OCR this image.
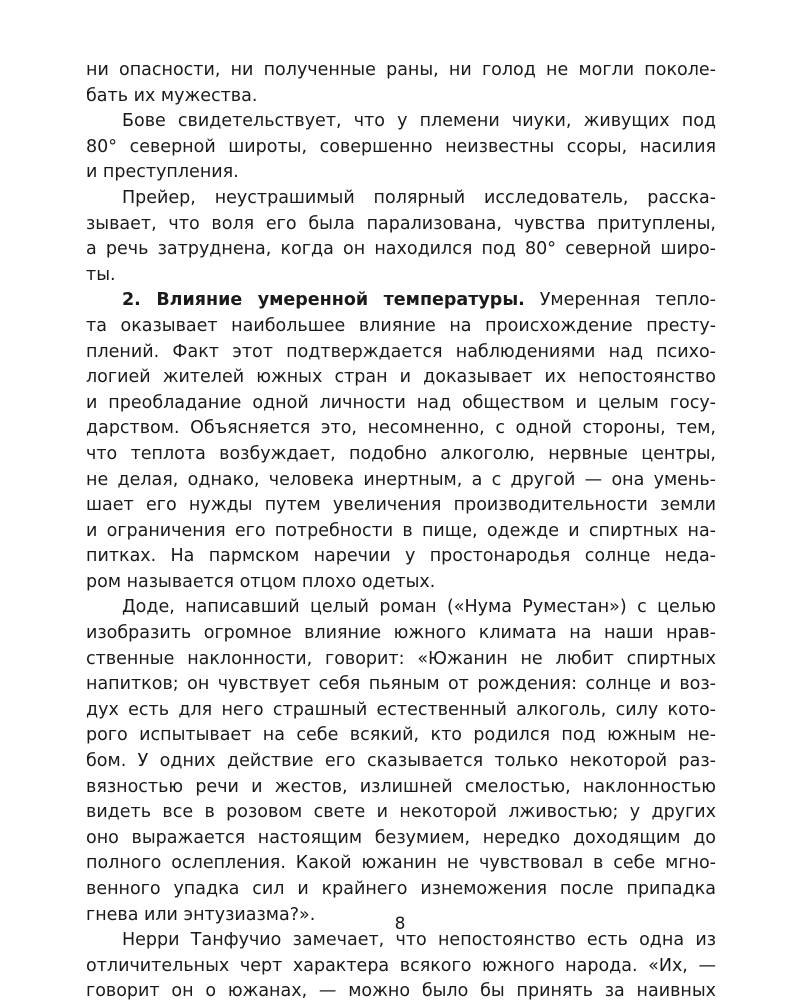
ни опасности, ни полученные раны, ни голод не могли поколе-
бать их мужества.
Бове свидетельствует, что у племени чиуки, живущих под
80° северной широты, совершенно неизвестны ссоры, насилия
и преступления.
Прейер, неустрашимый полярный исследователь, расска-
зывает, что воля его была парализована, чувства притуплены,
а речь затруднена, когда он находился под 80° северной широ-
ты.
2. Влияние умеренной температуры. Умеренная тепло-
та оказывает наибольшее влияние на происхождение престу-
плений. Факт этот подтверждается наблюдениями над психо-
логией жителей южных стран и доказывает их непостоянство
и преобладание одной личности над обществом и целым госу-
дарством. Объясняется это, несомненно, с одной стороны, тем,
что теплота возбуждает, подобно алкоголю, нервные центры,
не делая, однако, человека инертным, а с другой — она умень-
шает его нужды путем увеличения производительности земли
и ограничения его потребности в пище, одежде и спиртных на-
питках. На пармском наречии у простонародья солнце недa-
ром называется отцом плохо одетых.
Доде, написавший целый роман («Нума Руместан») с целью
изобразить огромное влияние южного климата на наши нрав-
ственные наклонности, говорит: «Южанин не любит спиртных
напитков; он чувствует себя пьяным от рождения: солнце и воз-
дух есть для него страшный естественный алкоголь, силу кото-
рого испытывает на себе всякий, кто родился под южным не-
бом. У одних действие его сказывается только некоторой раз-
вязностью речи и жестов, излишней смелостью, наклонностью
видеть все в розовом свете и некоторой лживостью; у других
оно выражается настоящим безумием, нередко доходящим до
полного ослепления. Какой южанин не чувствовал в себе мгно-
венного упадка сил и крайнего изнеможения после припадка
гнева или энтузиазма?».
Нерри Танфучио замечает, что непостоянство есть одна из
отличительных черт характера всякого южного народа. «Их, —
говорит он о южанах, — можно было бы принять за наивных
8
